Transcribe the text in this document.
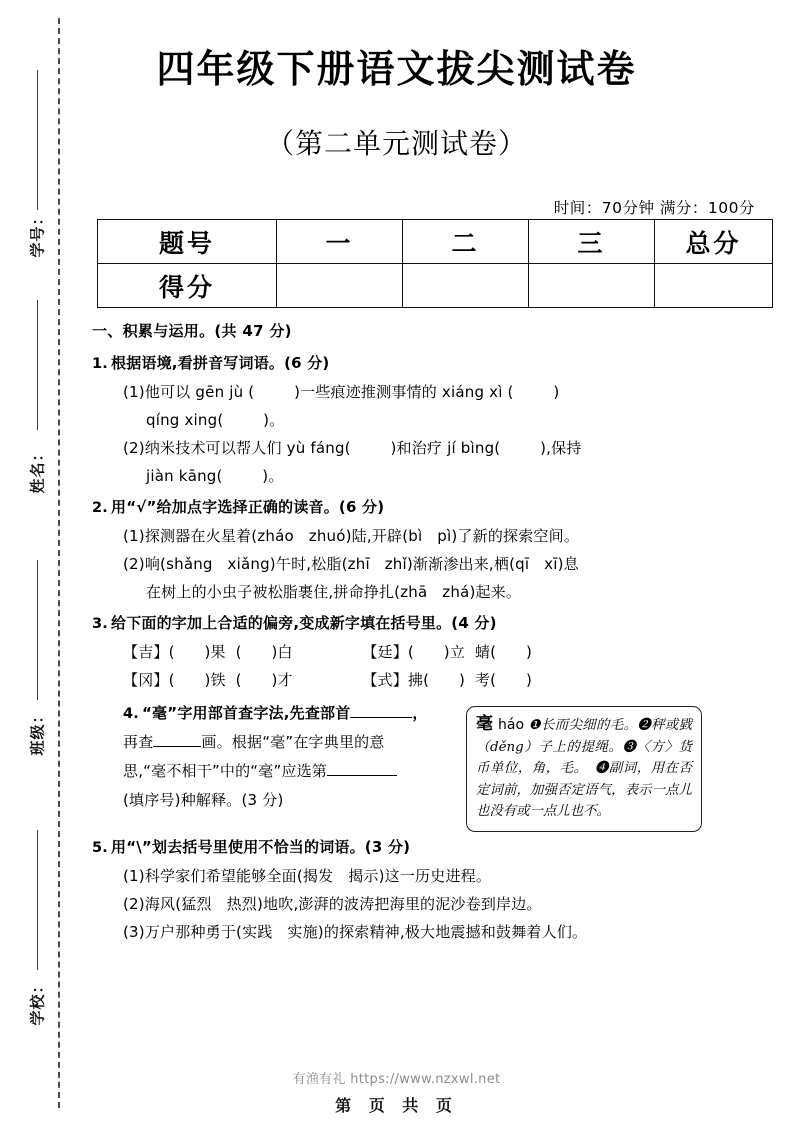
学号：
姓名：
班级：
学校：
四年级下册语文拔尖测试卷
（第二单元测试卷）
时间：70分钟 满分：100分
题号	一	二	三	总分
得分				
一、积累与运用。(共 47 分)
1. 根据语境,看拼音写词语。(6 分)
(1)他可以 gēn jù (        )一些痕迹推测事情的 xiáng xì (        )
qíng xing(        )。
(2)纳米技术可以帮人们 yù fáng(        )和治疗 jí bìng(        ),保持
jiàn kāng(        )。
2. 用“√”给加点字选择正确的读音。(6 分)
(1)探测器在火星着(zháo   zhuó)陆,开辟(bì   pì)了新的探索空间。
(2)响(shǎng   xiǎng)午时,松脂(zhī   zhǐ)渐渐渗出来,栖(qī   xī)息
在树上的小虫子被松脂裹住,拼命挣扎(zhā   zhá)起来。
3. 给下面的字加上合适的偏旁,变成新字填在括号里。(4 分)
【吉】(      )果  (      )白              【廷】(      )立  蜻(      )
【冈】(      )铁  (      )才              【式】拂(      )  考(      )
4. “毫”字用部首查字法,先查部首	，
再查	画。根据“毫”在字典里的意
思,“毫不相干”中的“毫”应选第
(填序号)种解释。(3 分)
毫 háo ❶长而尖细的毛。❷秤或戥（děng）子上的提绳。❸〈方〉货币单位，角，毛。　❹副词，用在否定词前，加强否定语气，表示一点儿也没有或一点儿也不。
5. 用“\”划去括号里使用不恰当的词语。(3 分)
(1)科学家们希望能够全面(揭发   揭示)这一历史进程。
(2)海风(猛烈   热烈)地吹,澎湃的波涛把海里的泥沙卷到岸边。
(3)万户那种勇于(实践   实施)的探索精神,极大地震撼和鼓舞着人们。
有渔有礼 https://www.nzxwl.net
第 页 共 页
